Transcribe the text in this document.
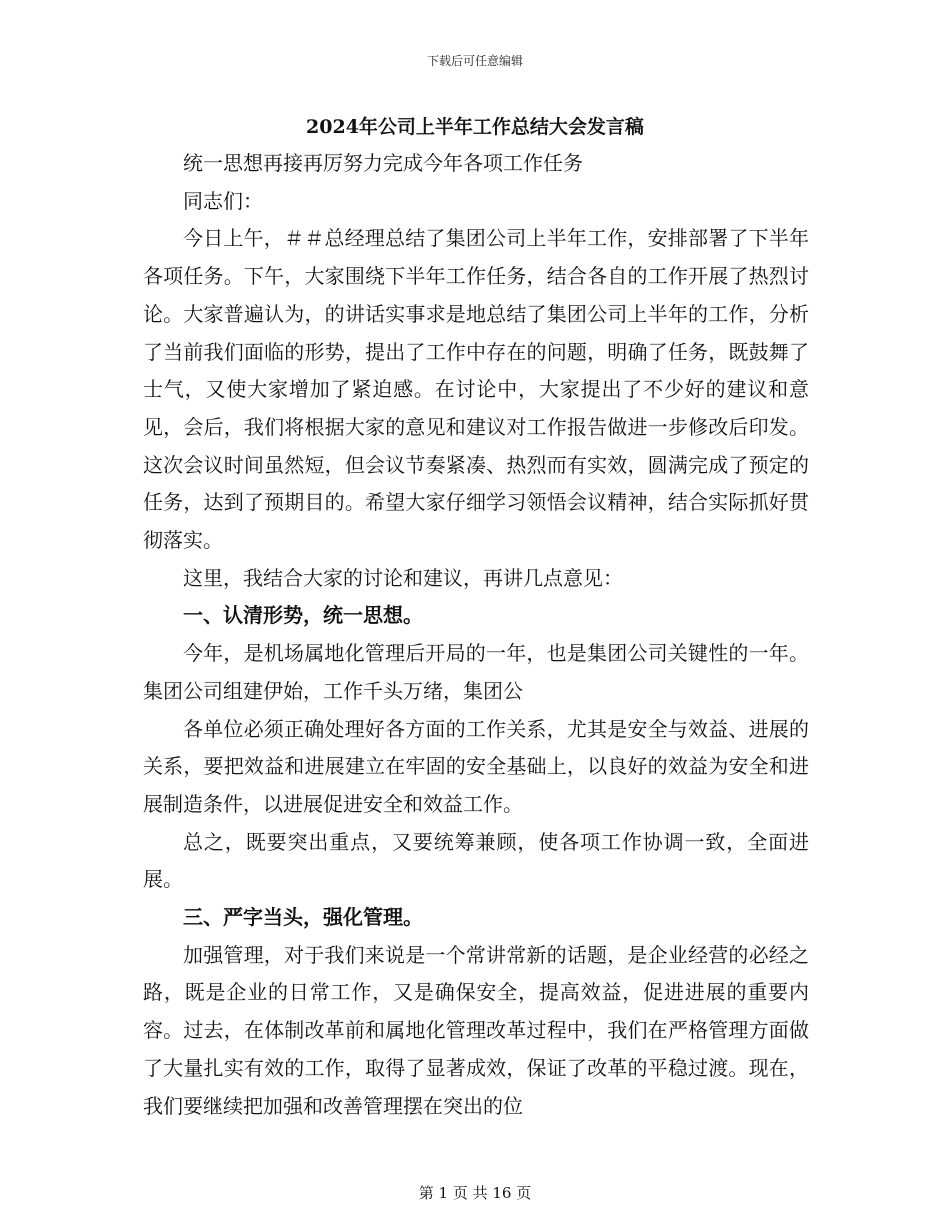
下载后可任意编辑
2024年公司上半年工作总结大会发言稿

统一思想再接再厉努力完成今年各项工作任务

同志们：

今日上午，＃＃总经理总结了集团公司上半年工作，安排部署了下半年各项任务。下午，大家围绕下半年工作任务，结合各自的工作开展了热烈讨论。大家普遍认为，的讲话实事求是地总结了集团公司上半年的工作，分析了当前我们面临的形势，提出了工作中存在的问题，明确了任务，既鼓舞了士气，又使大家增加了紧迫感。在讨论中，大家提出了不少好的建议和意见，会后，我们将根据大家的意见和建议对工作报告做进一步修改后印发。这次会议时间虽然短，但会议节奏紧凑、热烈而有实效，圆满完成了预定的任务，达到了预期目的。希望大家仔细学习领悟会议精神，结合实际抓好贯彻落实。

这里，我结合大家的讨论和建议，再讲几点意见：

一、认清形势，统一思想。

今年，是机场属地化管理后开局的一年，也是集团公司关键性的一年。集团公司组建伊始，工作千头万绪，集团公

各单位必须正确处理好各方面的工作关系，尤其是安全与效益、进展的关系，要把效益和进展建立在牢固的安全基础上，以良好的效益为安全和进展制造条件，以进展促进安全和效益工作。

总之，既要突出重点，又要统筹兼顾，使各项工作协调一致，全面进展。

三、严字当头，强化管理。

加强管理，对于我们来说是一个常讲常新的话题，是企业经营的必经之路，既是企业的日常工作，又是确保安全，提高效益，促进进展的重要内容。过去，在体制改革前和属地化管理改革过程中，我们在严格管理方面做了大量扎实有效的工作，取得了显著成效，保证了改革的平稳过渡。现在，我们要继续把加强和改善管理摆在突出的位

第 1 页 共 16 页
